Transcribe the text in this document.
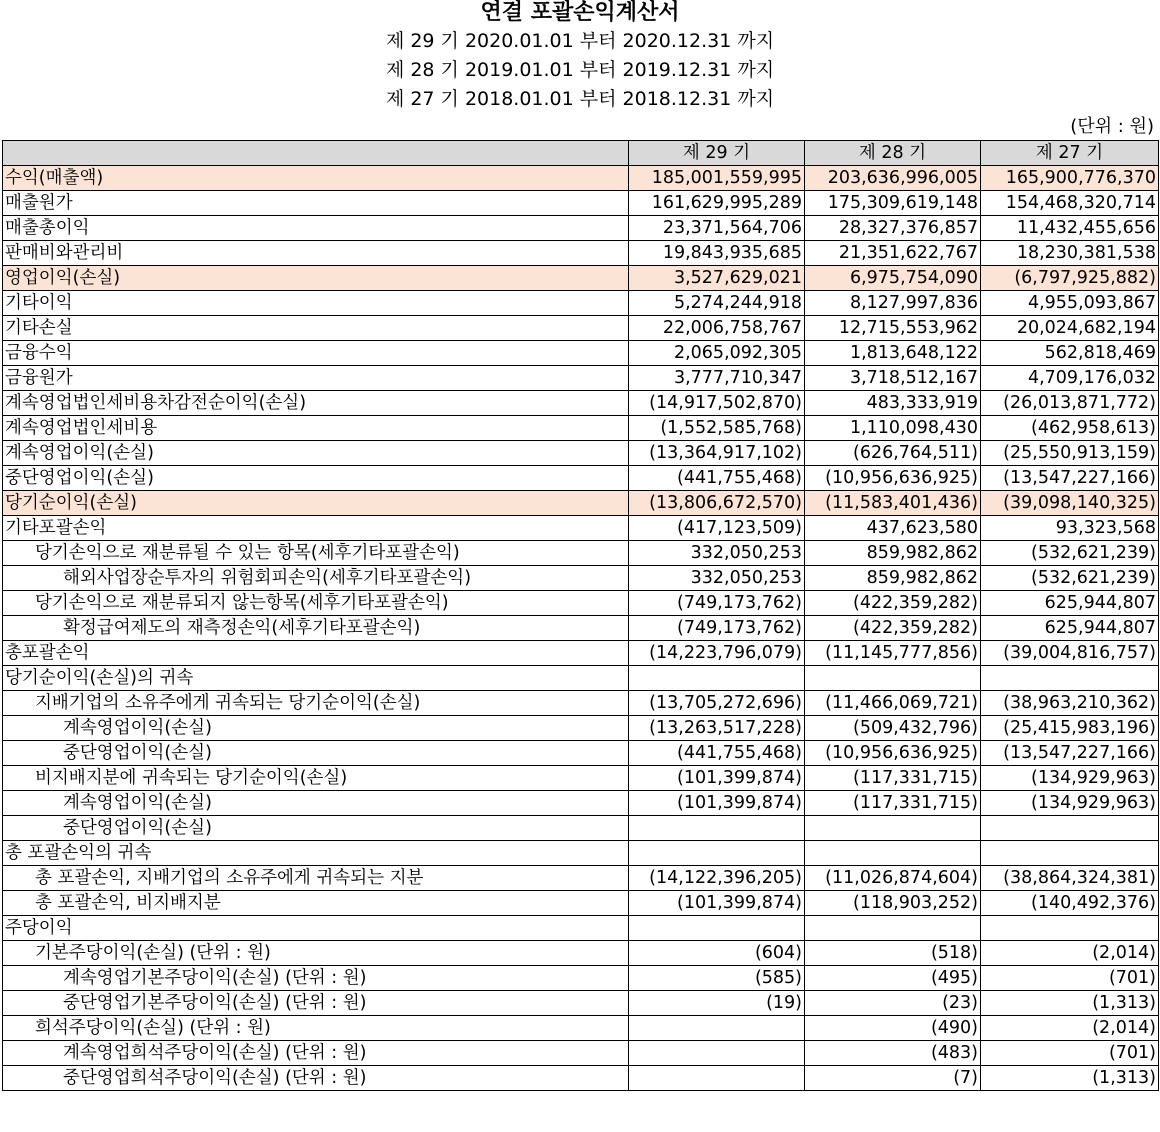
연결 포괄손익계산서
제 29 기 2020.01.01 부터 2020.12.31 까지
제 28 기 2019.01.01 부터 2019.12.31 까지
제 27 기 2018.01.01 부터 2018.12.31 까지
(단위 : 원)
	제 29 기	제 28 기	제 27 기
수익(매출액)	185,001,559,995	203,636,996,005	165,900,776,370
매출원가	161,629,995,289	175,309,619,148	154,468,320,714
매출총이익	23,371,564,706	28,327,376,857	11,432,455,656
판매비와관리비	19,843,935,685	21,351,622,767	18,230,381,538
영업이익(손실)	3,527,629,021	6,975,754,090	(6,797,925,882)
기타이익	5,274,244,918	8,127,997,836	4,955,093,867
기타손실	22,006,758,767	12,715,553,962	20,024,682,194
금융수익	2,065,092,305	1,813,648,122	562,818,469
금융원가	3,777,710,347	3,718,512,167	4,709,176,032
계속영업법인세비용차감전순이익(손실)	(14,917,502,870)	483,333,919	(26,013,871,772)
계속영업법인세비용	(1,552,585,768)	1,110,098,430	(462,958,613)
계속영업이익(손실)	(13,364,917,102)	(626,764,511)	(25,550,913,159)
중단영업이익(손실)	(441,755,468)	(10,956,636,925)	(13,547,227,166)
당기순이익(손실)	(13,806,672,570)	(11,583,401,436)	(39,098,140,325)
기타포괄손익	(417,123,509)	437,623,580	93,323,568
당기손익으로 재분류될 수 있는 항목(세후기타포괄손익)	332,050,253	859,982,862	(532,621,239)
해외사업장순투자의 위험회피손익(세후기타포괄손익)	332,050,253	859,982,862	(532,621,239)
당기손익으로 재분류되지 않는항목(세후기타포괄손익)	(749,173,762)	(422,359,282)	625,944,807
확정급여제도의 재측정손익(세후기타포괄손익)	(749,173,762)	(422,359,282)	625,944,807
총포괄손익	(14,223,796,079)	(11,145,777,856)	(39,004,816,757)
당기순이익(손실)의 귀속			
지배기업의 소유주에게 귀속되는 당기순이익(손실)	(13,705,272,696)	(11,466,069,721)	(38,963,210,362)
계속영업이익(손실)	(13,263,517,228)	(509,432,796)	(25,415,983,196)
중단영업이익(손실)	(441,755,468)	(10,956,636,925)	(13,547,227,166)
비지배지분에 귀속되는 당기순이익(손실)	(101,399,874)	(117,331,715)	(134,929,963)
계속영업이익(손실)	(101,399,874)	(117,331,715)	(134,929,963)
중단영업이익(손실)			
총 포괄손익의 귀속			
총 포괄손익, 지배기업의 소유주에게 귀속되는 지분	(14,122,396,205)	(11,026,874,604)	(38,864,324,381)
총 포괄손익, 비지배지분	(101,399,874)	(118,903,252)	(140,492,376)
주당이익			
기본주당이익(손실) (단위 : 원)	(604)	(518)	(2,014)
계속영업기본주당이익(손실) (단위 : 원)	(585)	(495)	(701)
중단영업기본주당이익(손실) (단위 : 원)	(19)	(23)	(1,313)
희석주당이익(손실) (단위 : 원)		(490)	(2,014)
계속영업희석주당이익(손실) (단위 : 원)		(483)	(701)
중단영업희석주당이익(손실) (단위 : 원)		(7)	(1,313)
